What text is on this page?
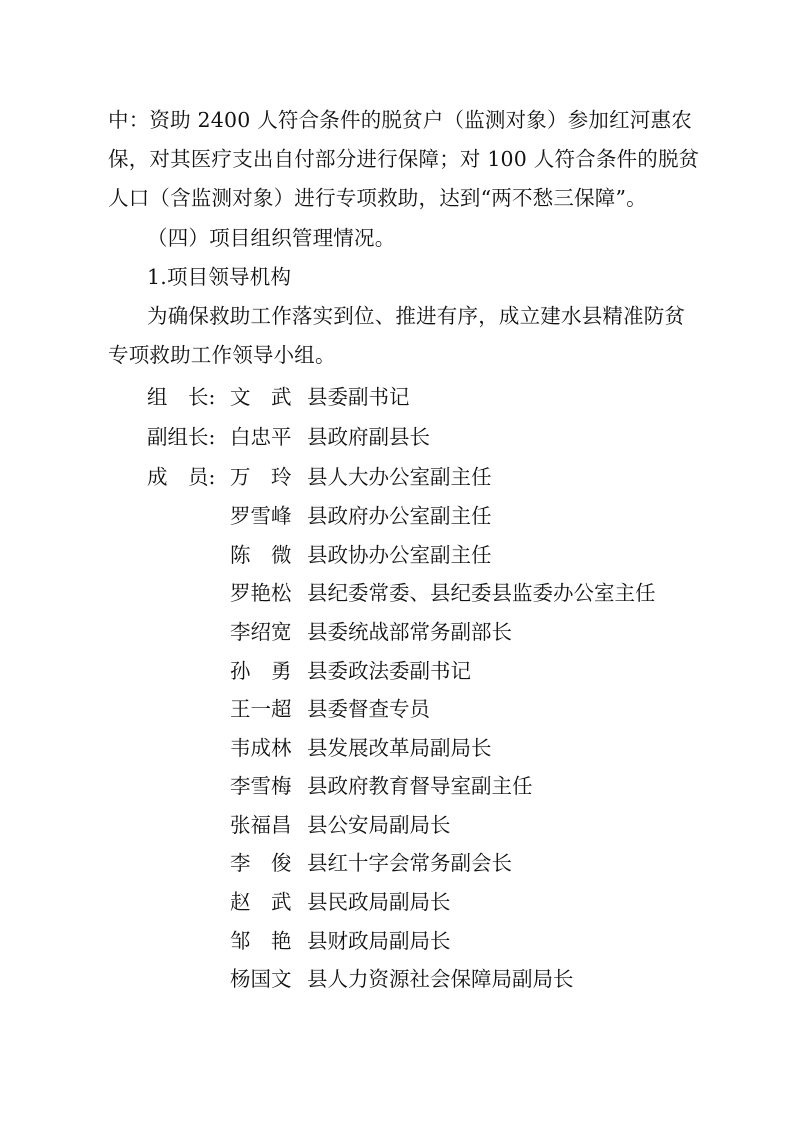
中：资助 2400 人符合条件的脱贫户（监测对象）参加红河惠农
保，对其医疗支出自付部分进行保障；对 100 人符合条件的脱贫
人口（含监测对象）进行专项救助，达到“两不愁三保障”。
（四）项目组织管理情况。
1.项目领导机构
为确保救助工作落实到位、推进有序，成立建水县精准防贫
专项救助工作领导小组。
组　长: 文　武 县委副书记
副组长: 白忠平 县政府副县长
成　员: 万　玲 县人大办公室副主任
罗雪峰 县政府办公室副主任
陈　微 县政协办公室副主任
罗艳松 县纪委常委、县纪委县监委办公室主任
李绍宽 县委统战部常务副部长
孙　勇 县委政法委副书记
王一超 县委督查专员
韦成林 县发展改革局副局长
李雪梅 县政府教育督导室副主任
张福昌 县公安局副局长
李　俊 县红十字会常务副会长
赵　武 县民政局副局长
邹　艳 县财政局副局长
杨国文 县人力资源社会保障局副局长
